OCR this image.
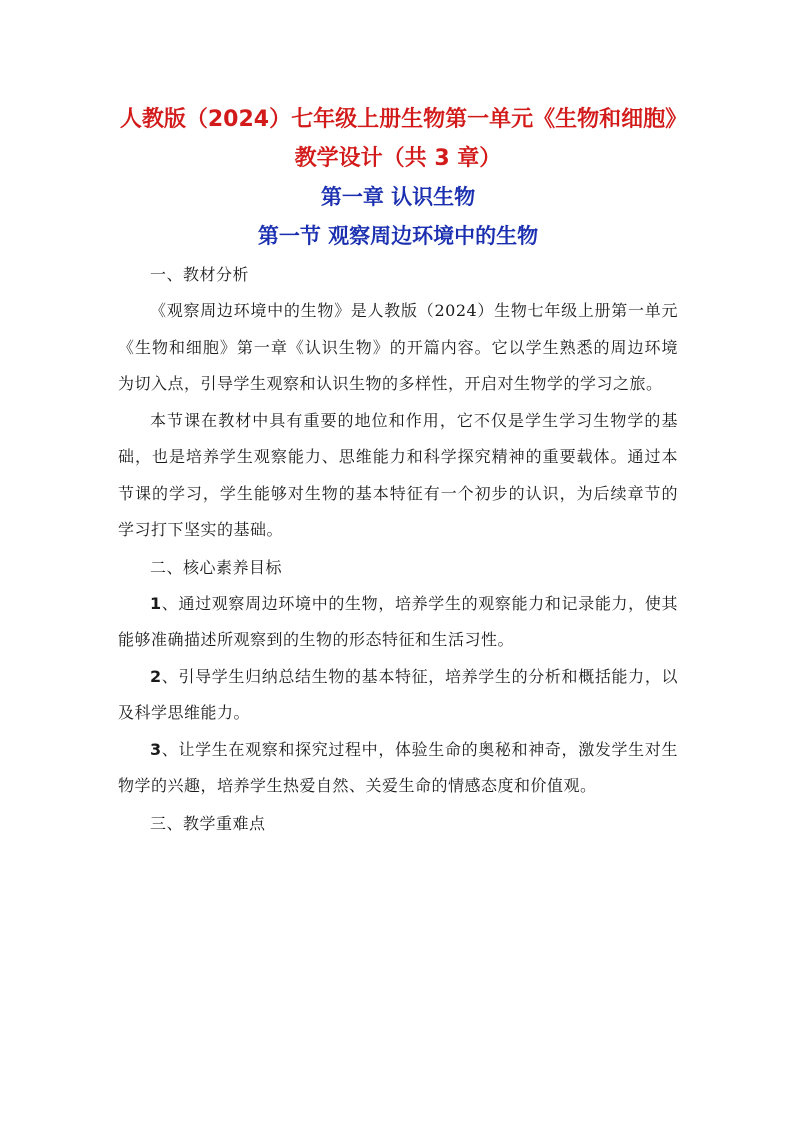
人教版（2024）七年级上册生物第一单元《生物和细胞》教学设计（共 3 章）
第一章 认识生物
第一节 观察周边环境中的生物

一、教材分析

《观察周边环境中的生物》是人教版（2024）生物七年级上册第一单元《生物和细胞》第一章《认识生物》的开篇内容。它以学生熟悉的周边环境为切入点，引导学生观察和认识生物的多样性，开启对生物学的学习之旅。

本节课在教材中具有重要的地位和作用，它不仅是学生学习生物学的基础，也是培养学生观察能力、思维能力和科学探究精神的重要载体。通过本节课的学习，学生能够对生物的基本特征有一个初步的认识，为后续章节的学习打下坚实的基础。

二、核心素养目标

1、通过观察周边环境中的生物，培养学生的观察能力和记录能力，使其能够准确描述所观察到的生物的形态特征和生活习性。

2、引导学生归纳总结生物的基本特征，培养学生的分析和概括能力，以及科学思维能力。

3、让学生在观察和探究过程中，体验生命的奥秘和神奇，激发学生对生物学的兴趣，培养学生热爱自然、关爱生命的情感态度和价值观。

三、教学重难点
